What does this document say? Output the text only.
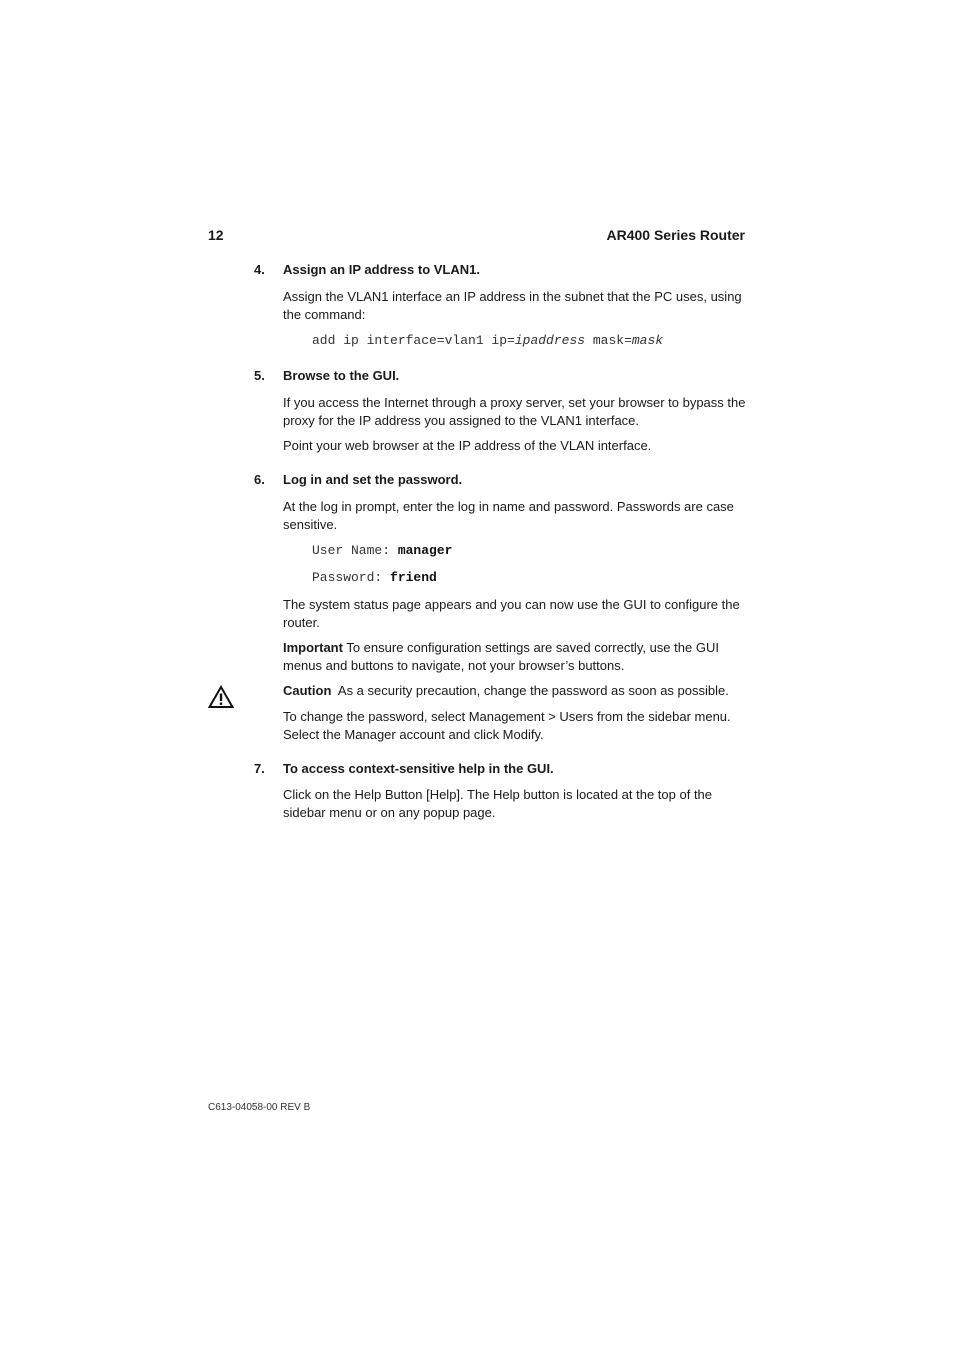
12	AR400 Series Router
4. Assign an IP address to VLAN1.
Assign the VLAN1 interface an IP address in the subnet that the PC uses, using the command:
add ip interface=vlan1 ip=ipaddress mask=mask
5. Browse to the GUI.
If you access the Internet through a proxy server, set your browser to bypass the proxy for the IP address you assigned to the VLAN1 interface.
Point your web browser at the IP address of the VLAN interface.
6. Log in and set the password.
At the log in prompt, enter the log in name and password. Passwords are case sensitive.
User Name: manager
Password: friend
The system status page appears and you can now use the GUI to configure the router.
Important To ensure configuration settings are saved correctly, use the GUI menus and buttons to navigate, not your browser’s buttons.
Caution  As a security precaution, change the password as soon as possible.
To change the password, select Management > Users from the sidebar menu. Select the Manager account and click Modify.
7. To access context-sensitive help in the GUI.
Click on the Help Button [Help]. The Help button is located at the top of the sidebar menu or on any popup page.
C613-04058-00 REV B
